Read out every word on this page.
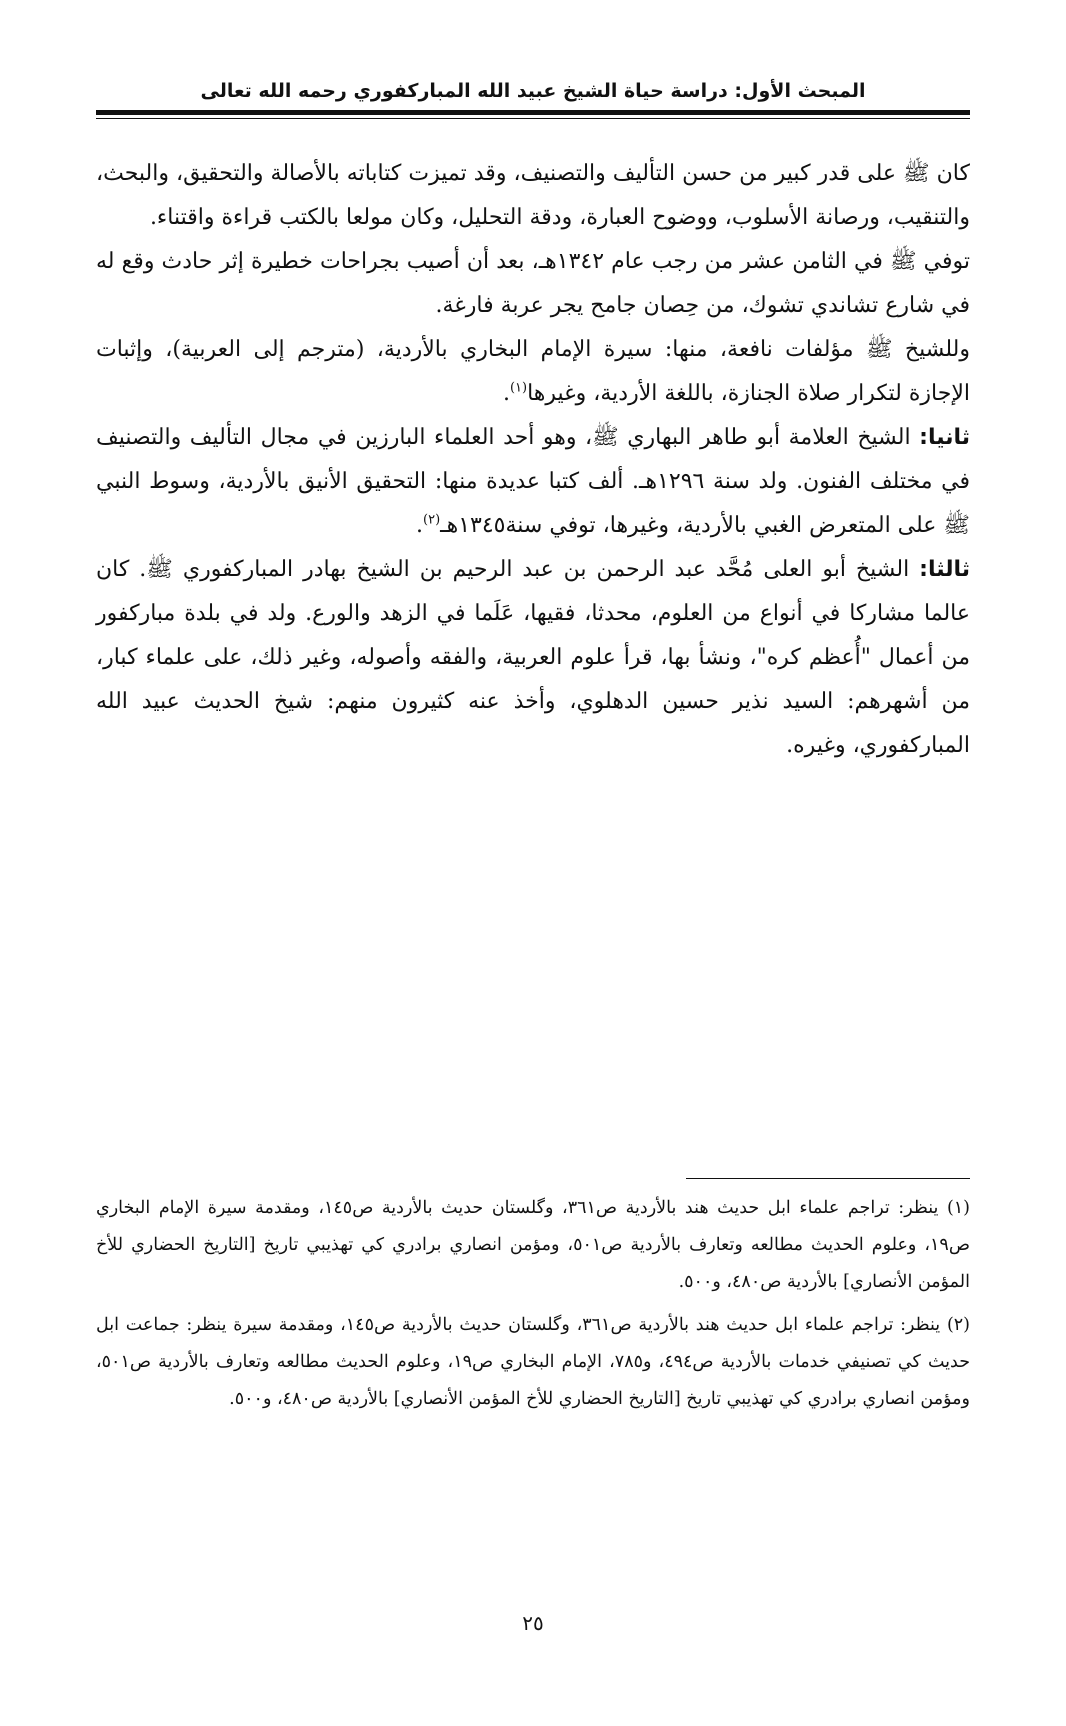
المبحث الأول: دراسة حياة الشيخ عبيد الله المباركفوري رحمه الله تعالى

كان ﷺ على قدر كبير من حسن التأليف والتصنيف، وقد تميزت كتاباته بالأصالة والتحقيق، والبحث، والتنقيب، ورصانة الأسلوب، ووضوح العبارة، ودقة التحليل، وكان مولعا بالكتب قراءة واقتناء.

توفي ﷺ في الثامن عشر من رجب عام ١٣٤٢هـ، بعد أن أصيب بجراحات خطيرة إثر حادث وقع له في شارع تشاندي تشوك، من حِصان جامح يجر عربة فارغة.

وللشيخ ﷺ مؤلفات نافعة، منها: سيرة الإمام البخاري بالأردية، (مترجم إلى العربية)، وإثبات الإجازة لتكرار صلاة الجنازة، باللغة الأردية، وغيرها$^{(١)}$.

ثانيا: الشيخ العلامة أبو طاهر البهاري ﷺ، وهو أحد العلماء البارزين في مجال التأليف والتصنيف في مختلف الفنون. ولد سنة ١٢٩٦هـ. ألف كتبا عديدة منها: التحقيق الأنيق بالأردية، وسوط النبي ﷺ على المتعرض الغبي بالأردية، وغيرها، توفي سنة١٣٤٥هـ$^{(٢)}$.

ثالثا: الشيخ أبو العلى مُحَّد عبد الرحمن بن عبد الرحيم بن الشيخ بهادر المباركفوري ﷺ. كان عالما مشاركا في أنواع من العلوم، محدثا، فقيها، عَلَما في الزهد والورع. ولد في بلدة مباركفور من أعمال "أُعظم كره"، ونشأ بها، قرأ علوم العربية، والفقه وأصوله، وغير ذلك، على علماء كبار، من أشهرهم: السيد نذير حسين الدهلوي، وأخذ عنه كثيرون منهم: شيخ الحديث عبيد الله المباركفوري، وغيره.

(١) ينظر: تراجم علماء ابل حديث هند بالأردية ص٣٦١، وگلستان حديث بالأردية ص١٤٥، ومقدمة سيرة الإمام البخاري ص١٩، وعلوم الحديث مطالعه وتعارف بالأردية ص٥٠١، ومؤمن انصاري برادري كي تهذيبي تاريخ [التاريخ الحضاري للأخ المؤمن الأنصاري] بالأردية ص٤٨٠، و٥٠٠.

(٢) ينظر: تراجم علماء ابل حديث هند بالأردية ص٣٦١، وگلستان حديث بالأردية ص١٤٥، ومقدمة سيرة ينظر: جماعت ابل حديث كي تصنيفي خدمات بالأردية ص٤٩٤، و٧٨٥، الإمام البخاري ص١٩، وعلوم الحديث مطالعه وتعارف بالأردية ص٥٠١، ومؤمن انصاري برادري كي تهذيبي تاريخ [التاريخ الحضاري للأخ المؤمن الأنصاري] بالأردية ص٤٨٠، و٥٠٠.

٢٥
